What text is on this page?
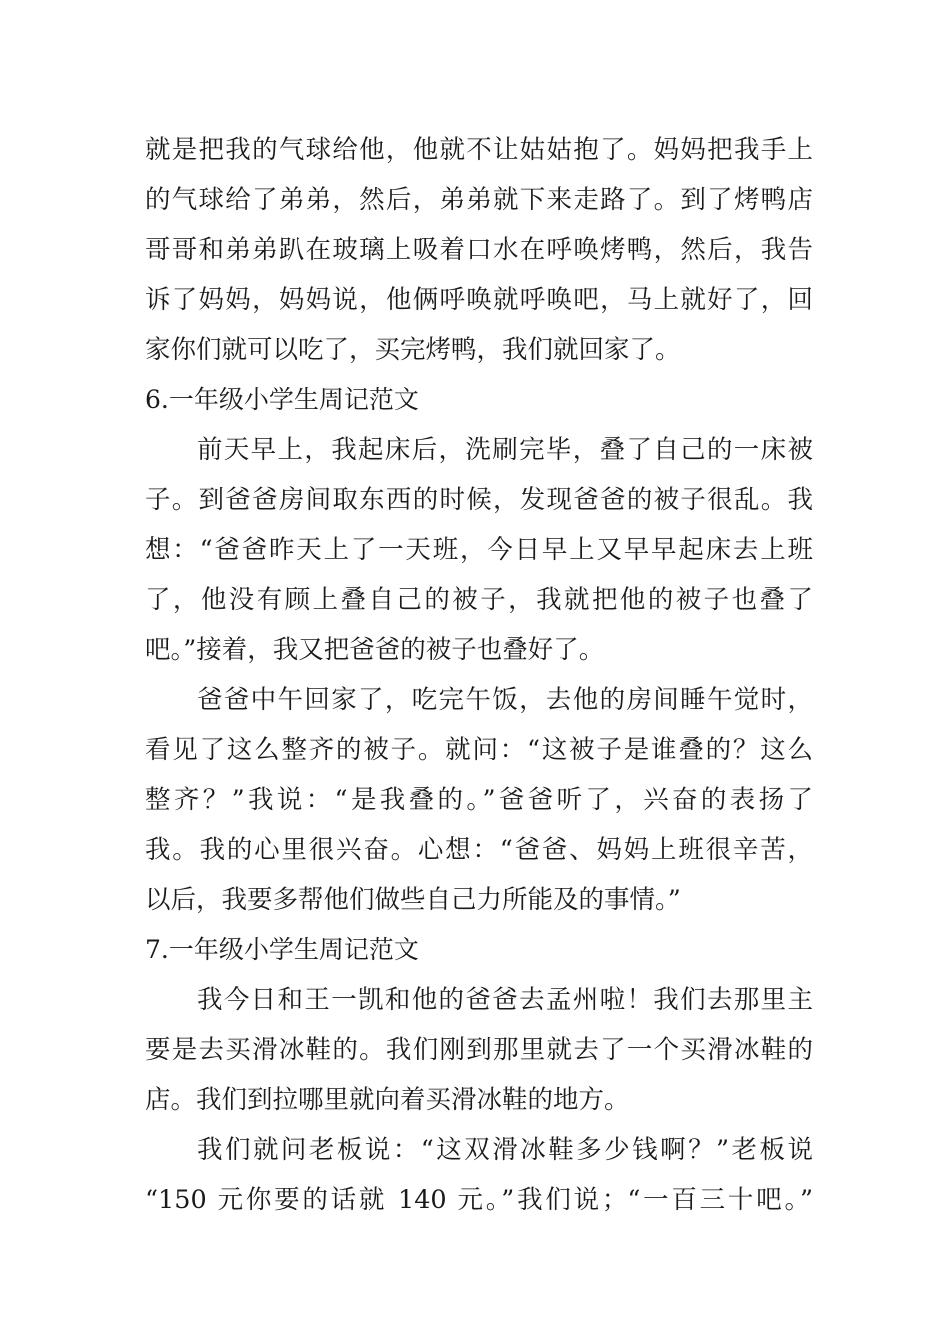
就是把我的气球给他，他就不让姑姑抱了。妈妈把我手上
的气球给了弟弟，然后，弟弟就下来走路了。到了烤鸭店
哥哥和弟弟趴在玻璃上吸着口水在呼唤烤鸭，然后，我告
诉了妈妈，妈妈说，他俩呼唤就呼唤吧，马上就好了，回
家你们就可以吃了，买完烤鸭，我们就回家了。
6.一年级小学生周记范文
前天早上，我起床后，洗刷完毕，叠了自己的一床被
子。到爸爸房间取东西的时候，发现爸爸的被子很乱。我
想：“爸爸昨天上了一天班，今日早上又早早起床去上班
了，他没有顾上叠自己的被子，我就把他的被子也叠了
吧。”接着，我又把爸爸的被子也叠好了。
爸爸中午回家了，吃完午饭，去他的房间睡午觉时，
看见了这么整齐的被子。就问：“这被子是谁叠的？这么
整齐？”我说：“是我叠的。”爸爸听了，兴奋的表扬了
我。我的心里很兴奋。心想：“爸爸、妈妈上班很辛苦，
以后，我要多帮他们做些自己力所能及的事情。”
7.一年级小学生周记范文
我今日和王一凯和他的爸爸去孟州啦！我们去那里主
要是去买滑冰鞋的。我们刚到那里就去了一个买滑冰鞋的
店。我们到拉哪里就向着买滑冰鞋的地方。
我们就问老板说：“这双滑冰鞋多少钱啊？”老板说
“150 元你要的话就 140 元。”我们说；“一百三十吧。”
